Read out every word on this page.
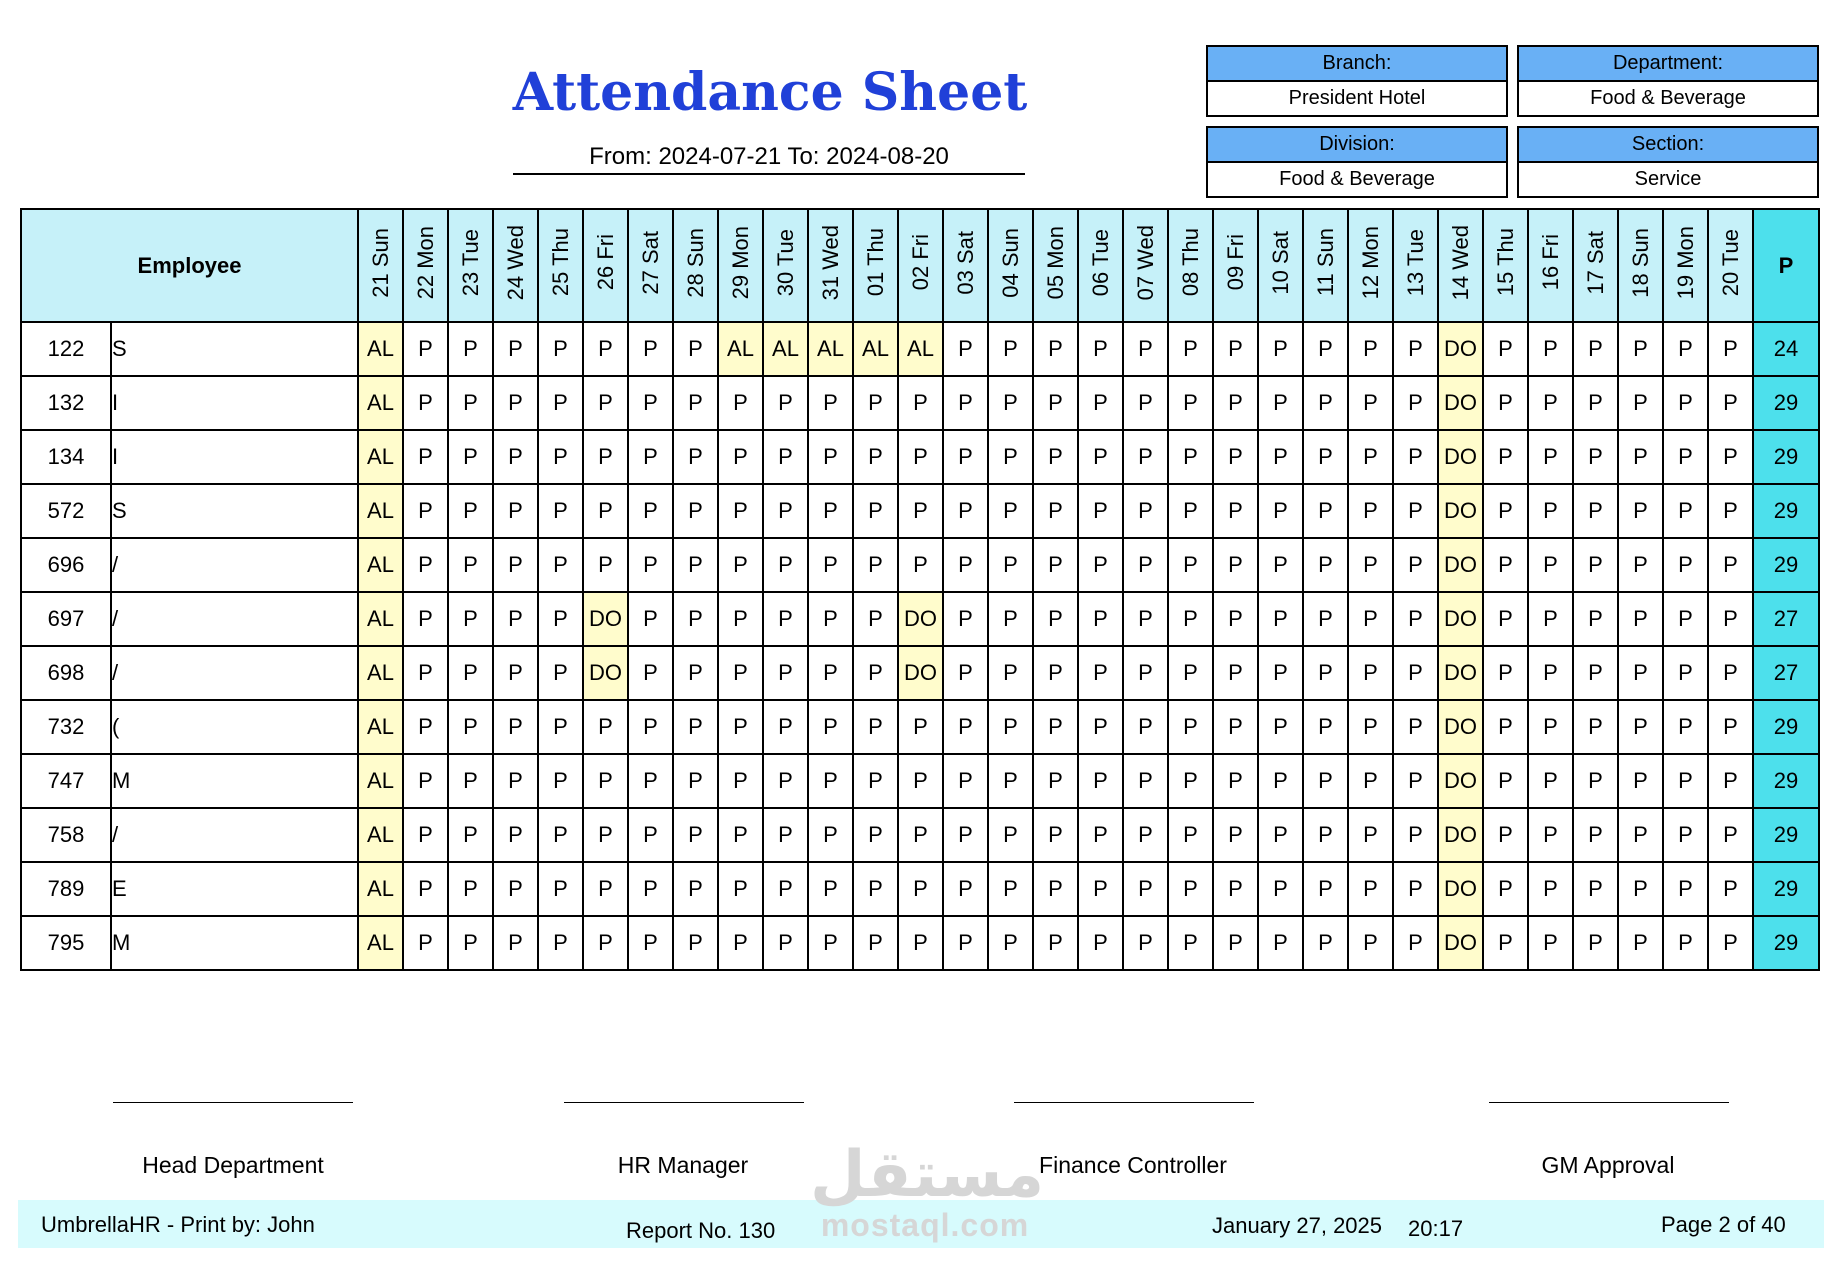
Attendance Sheet
From: 2024-07-21 To: 2024-08-20
Branch:
President Hotel
Department:
Food & Beverage
Division:
Food & Beverage
Section:
Service
Employee		21 Sun	22 Mon	23 Tue	24 Wed	25 Thu	26 Fri	27 Sat	28 Sun	29 Mon	30 Tue	31 Wed	01 Thu	02 Fri	03 Sat	04 Sun	05 Mon	06 Tue	07 Wed	08 Thu	09 Fri	10 Sat	11 Sun	12 Mon	13 Tue	14 Wed	15 Thu	16 Fri	17 Sat	18 Sun	19 Mon	20 Tue	P
122	S	AL	P	P	P	P	P	P	P	AL	AL	AL	AL	AL	P	P	P	P	P	P	P	P	P	P	P	DO	P	P	P	P	P	P	24
132	I	AL	P	P	P	P	P	P	P	P	P	P	P	P	P	P	P	P	P	P	P	P	P	P	P	DO	P	P	P	P	P	P	29
134	I	AL	P	P	P	P	P	P	P	P	P	P	P	P	P	P	P	P	P	P	P	P	P	P	P	DO	P	P	P	P	P	P	29
572	S	AL	P	P	P	P	P	P	P	P	P	P	P	P	P	P	P	P	P	P	P	P	P	P	P	DO	P	P	P	P	P	P	29
696	/	AL	P	P	P	P	P	P	P	P	P	P	P	P	P	P	P	P	P	P	P	P	P	P	P	DO	P	P	P	P	P	P	29
697	/	AL	P	P	P	P	DO	P	P	P	P	P	P	DO	P	P	P	P	P	P	P	P	P	P	P	DO	P	P	P	P	P	P	27
698	/	AL	P	P	P	P	DO	P	P	P	P	P	P	DO	P	P	P	P	P	P	P	P	P	P	P	DO	P	P	P	P	P	P	27
732	(	AL	P	P	P	P	P	P	P	P	P	P	P	P	P	P	P	P	P	P	P	P	P	P	P	DO	P	P	P	P	P	P	29
747	M	AL	P	P	P	P	P	P	P	P	P	P	P	P	P	P	P	P	P	P	P	P	P	P	P	DO	P	P	P	P	P	P	29
758	/	AL	P	P	P	P	P	P	P	P	P	P	P	P	P	P	P	P	P	P	P	P	P	P	P	DO	P	P	P	P	P	P	29
789	E	AL	P	P	P	P	P	P	P	P	P	P	P	P	P	P	P	P	P	P	P	P	P	P	P	DO	P	P	P	P	P	P	29
795	M	AL	P	P	P	P	P	P	P	P	P	P	P	P	P	P	P	P	P	P	P	P	P	P	P	DO	P	P	P	P	P	P	29
Head Department	HR Manager	Finance Controller	GM Approval
UmbrellaHR - Print by: John	Report No. 130	January 27, 2025 20:17	Page 2 of 40
مستقل
mostaql.com
